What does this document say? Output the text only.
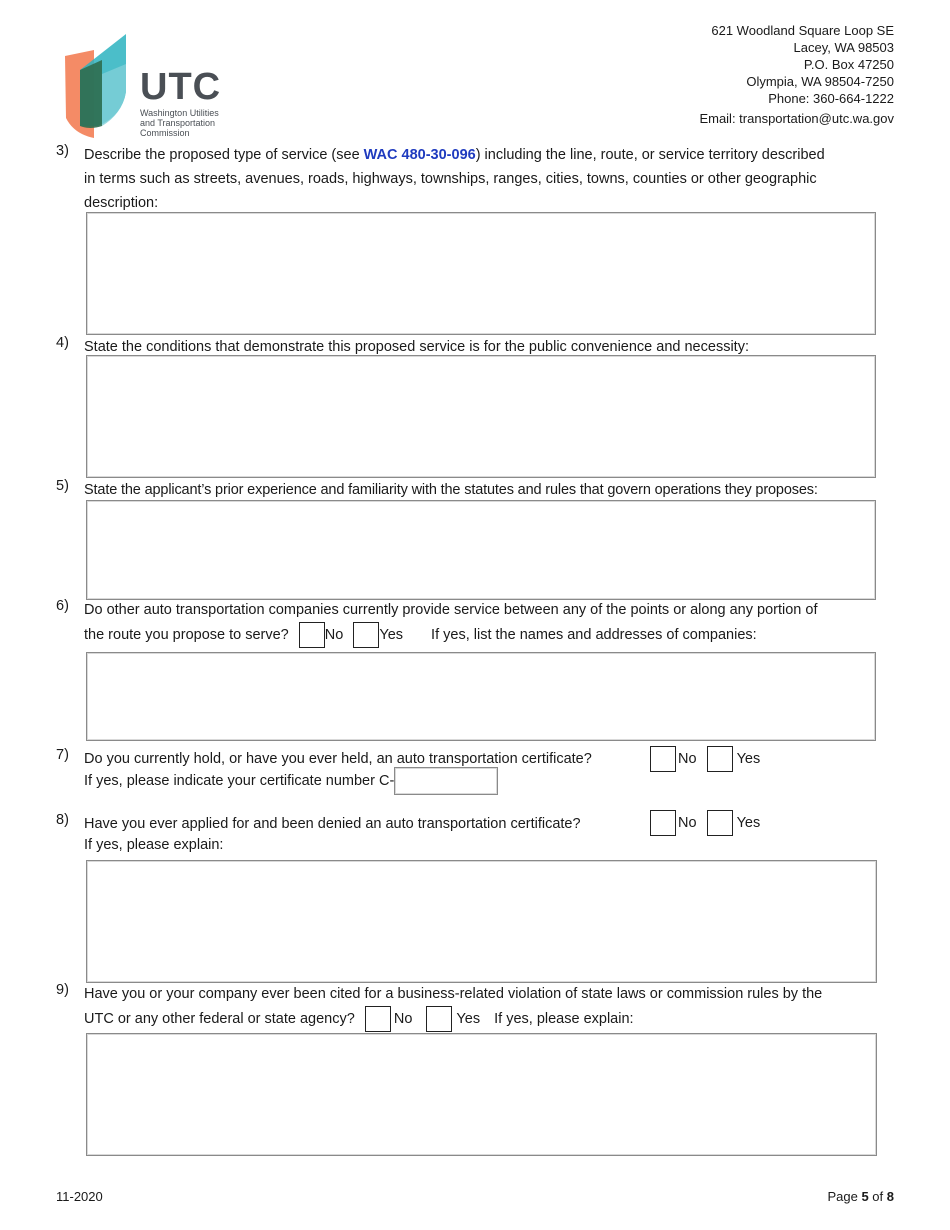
UTC
Washington Utilities
and Transportation
Commission
621 Woodland Square Loop SE
Lacey, WA 98503
P.O. Box 47250
Olympia, WA 98504-7250
Phone: 360-664-1222
Email: transportation@utc.wa.gov
3) Describe the proposed type of service (see WAC 480-30-096) including the line, route, or service territory described
in terms such as streets, avenues, roads, highways, townships, ranges, cities, towns, counties or other geographic
description:
4) State the conditions that demonstrate this proposed service is for the public convenience and necessity:
5) State the applicant’s prior experience and familiarity with the statutes and rules that govern operations they proposes:
6) Do other auto transportation companies currently provide service between any of the points or along any portion of
the route you propose to serve? No Yes If yes, list the names and addresses of companies:
7) Do you currently hold, or have you ever held, an auto transportation certificate?	No	Yes
If yes, please indicate your certificate number C-
8) Have you ever applied for and been denied an auto transportation certificate?
If yes, please explain:
No	Yes
9) Have you or your company ever been cited for a business-related violation of state laws or commission rules by the
UTC or any other federal or state agency?	No	Yes If yes, please explain:
11-2020	Page 5 of 8
